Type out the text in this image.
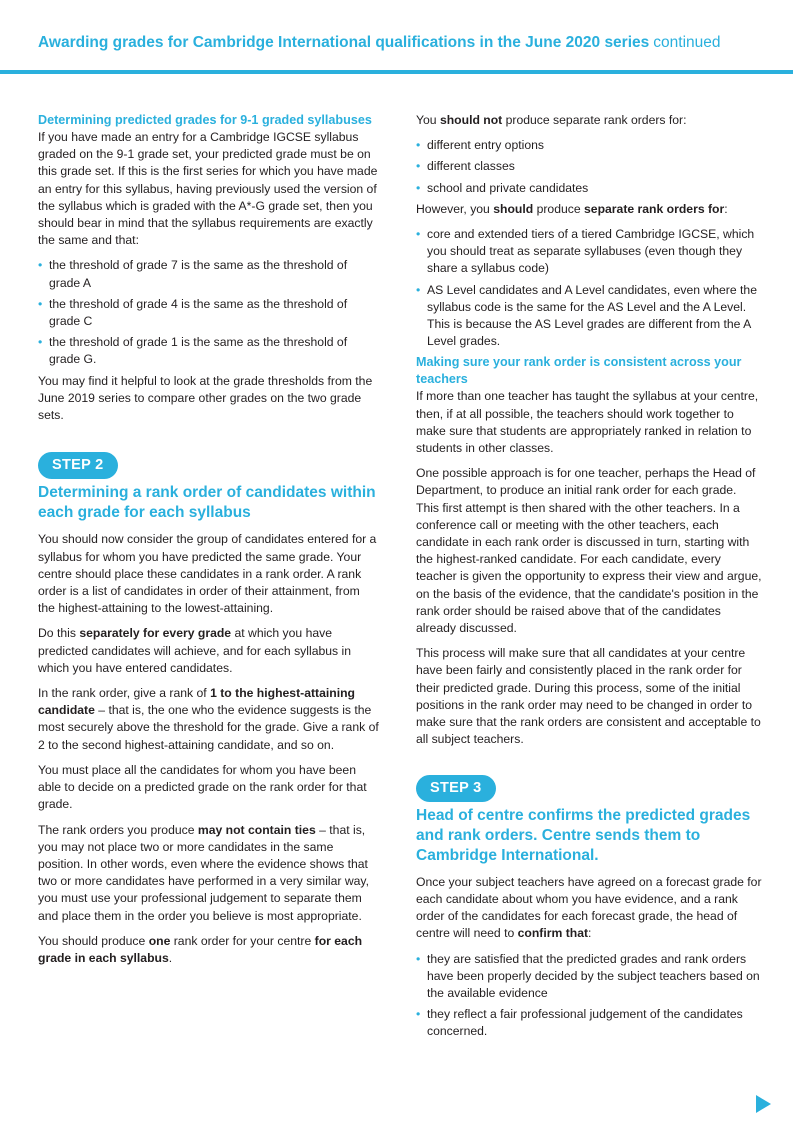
Awarding grades for Cambridge International qualifications in the June 2020 series continued
Determining predicted grades for 9-1 graded syllabuses

If you have made an entry for a Cambridge IGCSE syllabus graded on the 9-1 grade set, your predicted grade must be on this grade set. If this is the first series for which you have made an entry for this syllabus, having previously used the version of the syllabus which is graded with the A*-G grade set, then you should bear in mind that the syllabus requirements are exactly the same and that:

• the threshold of grade 7 is the same as the threshold of grade A
• the threshold of grade 4 is the same as the threshold of grade C
• the threshold of grade 1 is the same as the threshold of grade G.

You may find it helpful to look at the grade thresholds from the June 2019 series to compare other grades on the two grade sets.

STEP 2
Determining a rank order of candidates within each grade for each syllabus

You should now consider the group of candidates entered for a syllabus for whom you have predicted the same grade. Your centre should place these candidates in a rank order. A rank order is a list of candidates in order of their attainment, from the highest-attaining to the lowest-attaining.

Do this separately for every grade at which you have predicted candidates will achieve, and for each syllabus in which you have entered candidates.

In the rank order, give a rank of 1 to the highest-attaining candidate – that is, the one who the evidence suggests is the most securely above the threshold for the grade. Give a rank of 2 to the second highest-attaining candidate, and so on.

You must place all the candidates for whom you have been able to decide on a predicted grade on the rank order for that grade.

The rank orders you produce may not contain ties – that is, you may not place two or more candidates in the same position. In other words, even where the evidence shows that two or more candidates have performed in a very similar way, you must use your professional judgement to separate them and place them in the order you believe is most appropriate.

You should produce one rank order for your centre for each grade in each syllabus.

You should not produce separate rank orders for:

• different entry options
• different classes
• school and private candidates

However, you should produce separate rank orders for:

• core and extended tiers of a tiered Cambridge IGCSE, which you should treat as separate syllabuses (even though they share a syllabus code)
• AS Level candidates and A Level candidates, even where the syllabus code is the same for the AS Level and the A Level. This is because the AS Level grades are different from the A Level grades.
Making sure your rank order is consistent across your teachers

If more than one teacher has taught the syllabus at your centre, then, if at all possible, the teachers should work together to make sure that students are appropriately ranked in relation to students in other classes.

One possible approach is for one teacher, perhaps the Head of Department, to produce an initial rank order for each grade. This first attempt is then shared with the other teachers. In a conference call or meeting with the other teachers, each candidate in each rank order is discussed in turn, starting with the highest-ranked candidate. For each candidate, every teacher is given the opportunity to express their view and argue, on the basis of the evidence, that the candidate's position in the rank order should be raised above that of the candidates already discussed.

This process will make sure that all candidates at your centre have been fairly and consistently placed in the rank order for their predicted grade. During this process, some of the initial positions in the rank order may need to be changed in order to make sure that the rank orders are consistent and acceptable to all subject teachers.

STEP 3
Head of centre confirms the predicted grades and rank orders. Centre sends them to Cambridge International.

Once your subject teachers have agreed on a forecast grade for each candidate about whom you have evidence, and a rank order of the candidates for each forecast grade, the head of centre will need to confirm that:

• they are satisfied that the predicted grades and rank orders have been properly decided by the subject teachers based on the available evidence
• they reflect a fair professional judgement of the candidates concerned.
